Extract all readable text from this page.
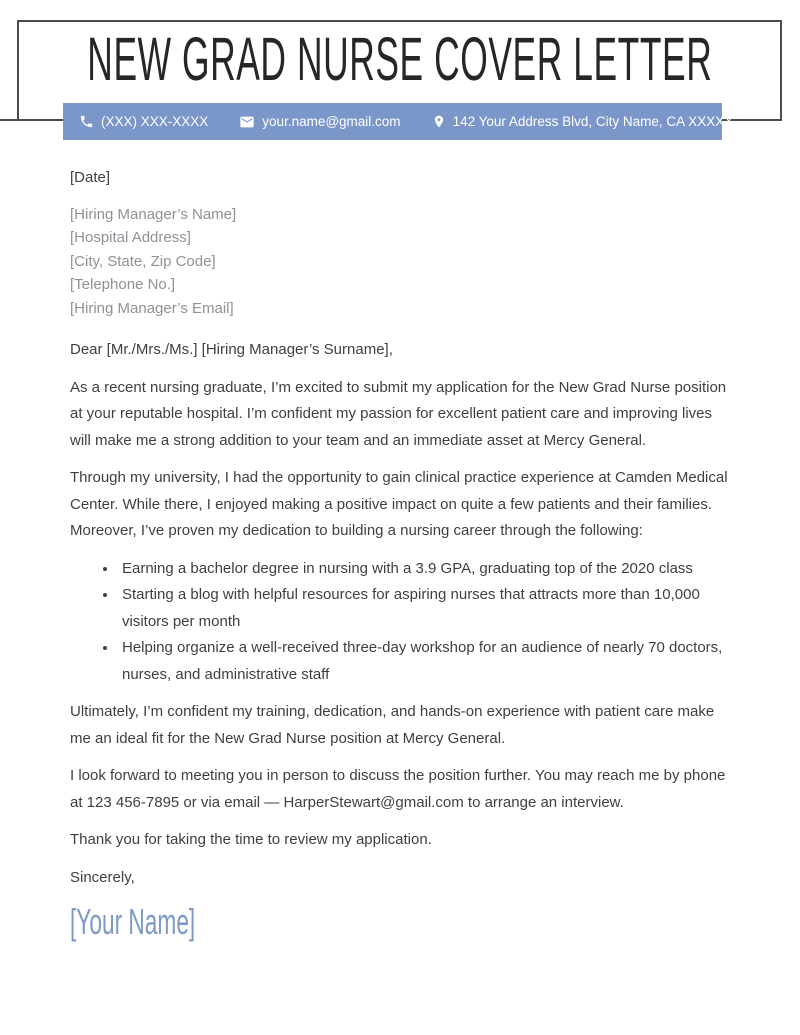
NEW GRAD NURSE COVER LETTER
(XXX) XXX-XXXX	your.name@gmail.com	142 Your Address Blvd, City Name, CA XXXXX

[Date]

[Hiring Manager’s Name]
[Hospital Address]
[City, State, Zip Code]
[Telephone No.]
[Hiring Manager’s Email]

Dear [Mr./Mrs./Ms.] [Hiring Manager’s Surname],

As a recent nursing graduate, I’m excited to submit my application for the New Grad Nurse position at your reputable hospital. I’m confident my passion for excellent patient care and improving lives will make me a strong addition to your team and an immediate asset at Mercy General.

Through my university, I had the opportunity to gain clinical practice experience at Camden Medical Center. While there, I enjoyed making a positive impact on quite a few patients and their families. Moreover, I’ve proven my dedication to building a nursing career through the following:

• Earning a bachelor degree in nursing with a 3.9 GPA, graduating top of the 2020 class
• Starting a blog with helpful resources for aspiring nurses that attracts more than 10,000 visitors per month
• Helping organize a well-received three-day workshop for an audience of nearly 70 doctors, nurses, and administrative staff

Ultimately, I’m confident my training, dedication, and hands-on experience with patient care make me an ideal fit for the New Grad Nurse position at Mercy General.

I look forward to meeting you in person to discuss the position further. You may reach me by phone at 123 456-7895 or via email — HarperStewart@gmail.com to arrange an interview.

Thank you for taking the time to review my application.

Sincerely,

[Your Name]
